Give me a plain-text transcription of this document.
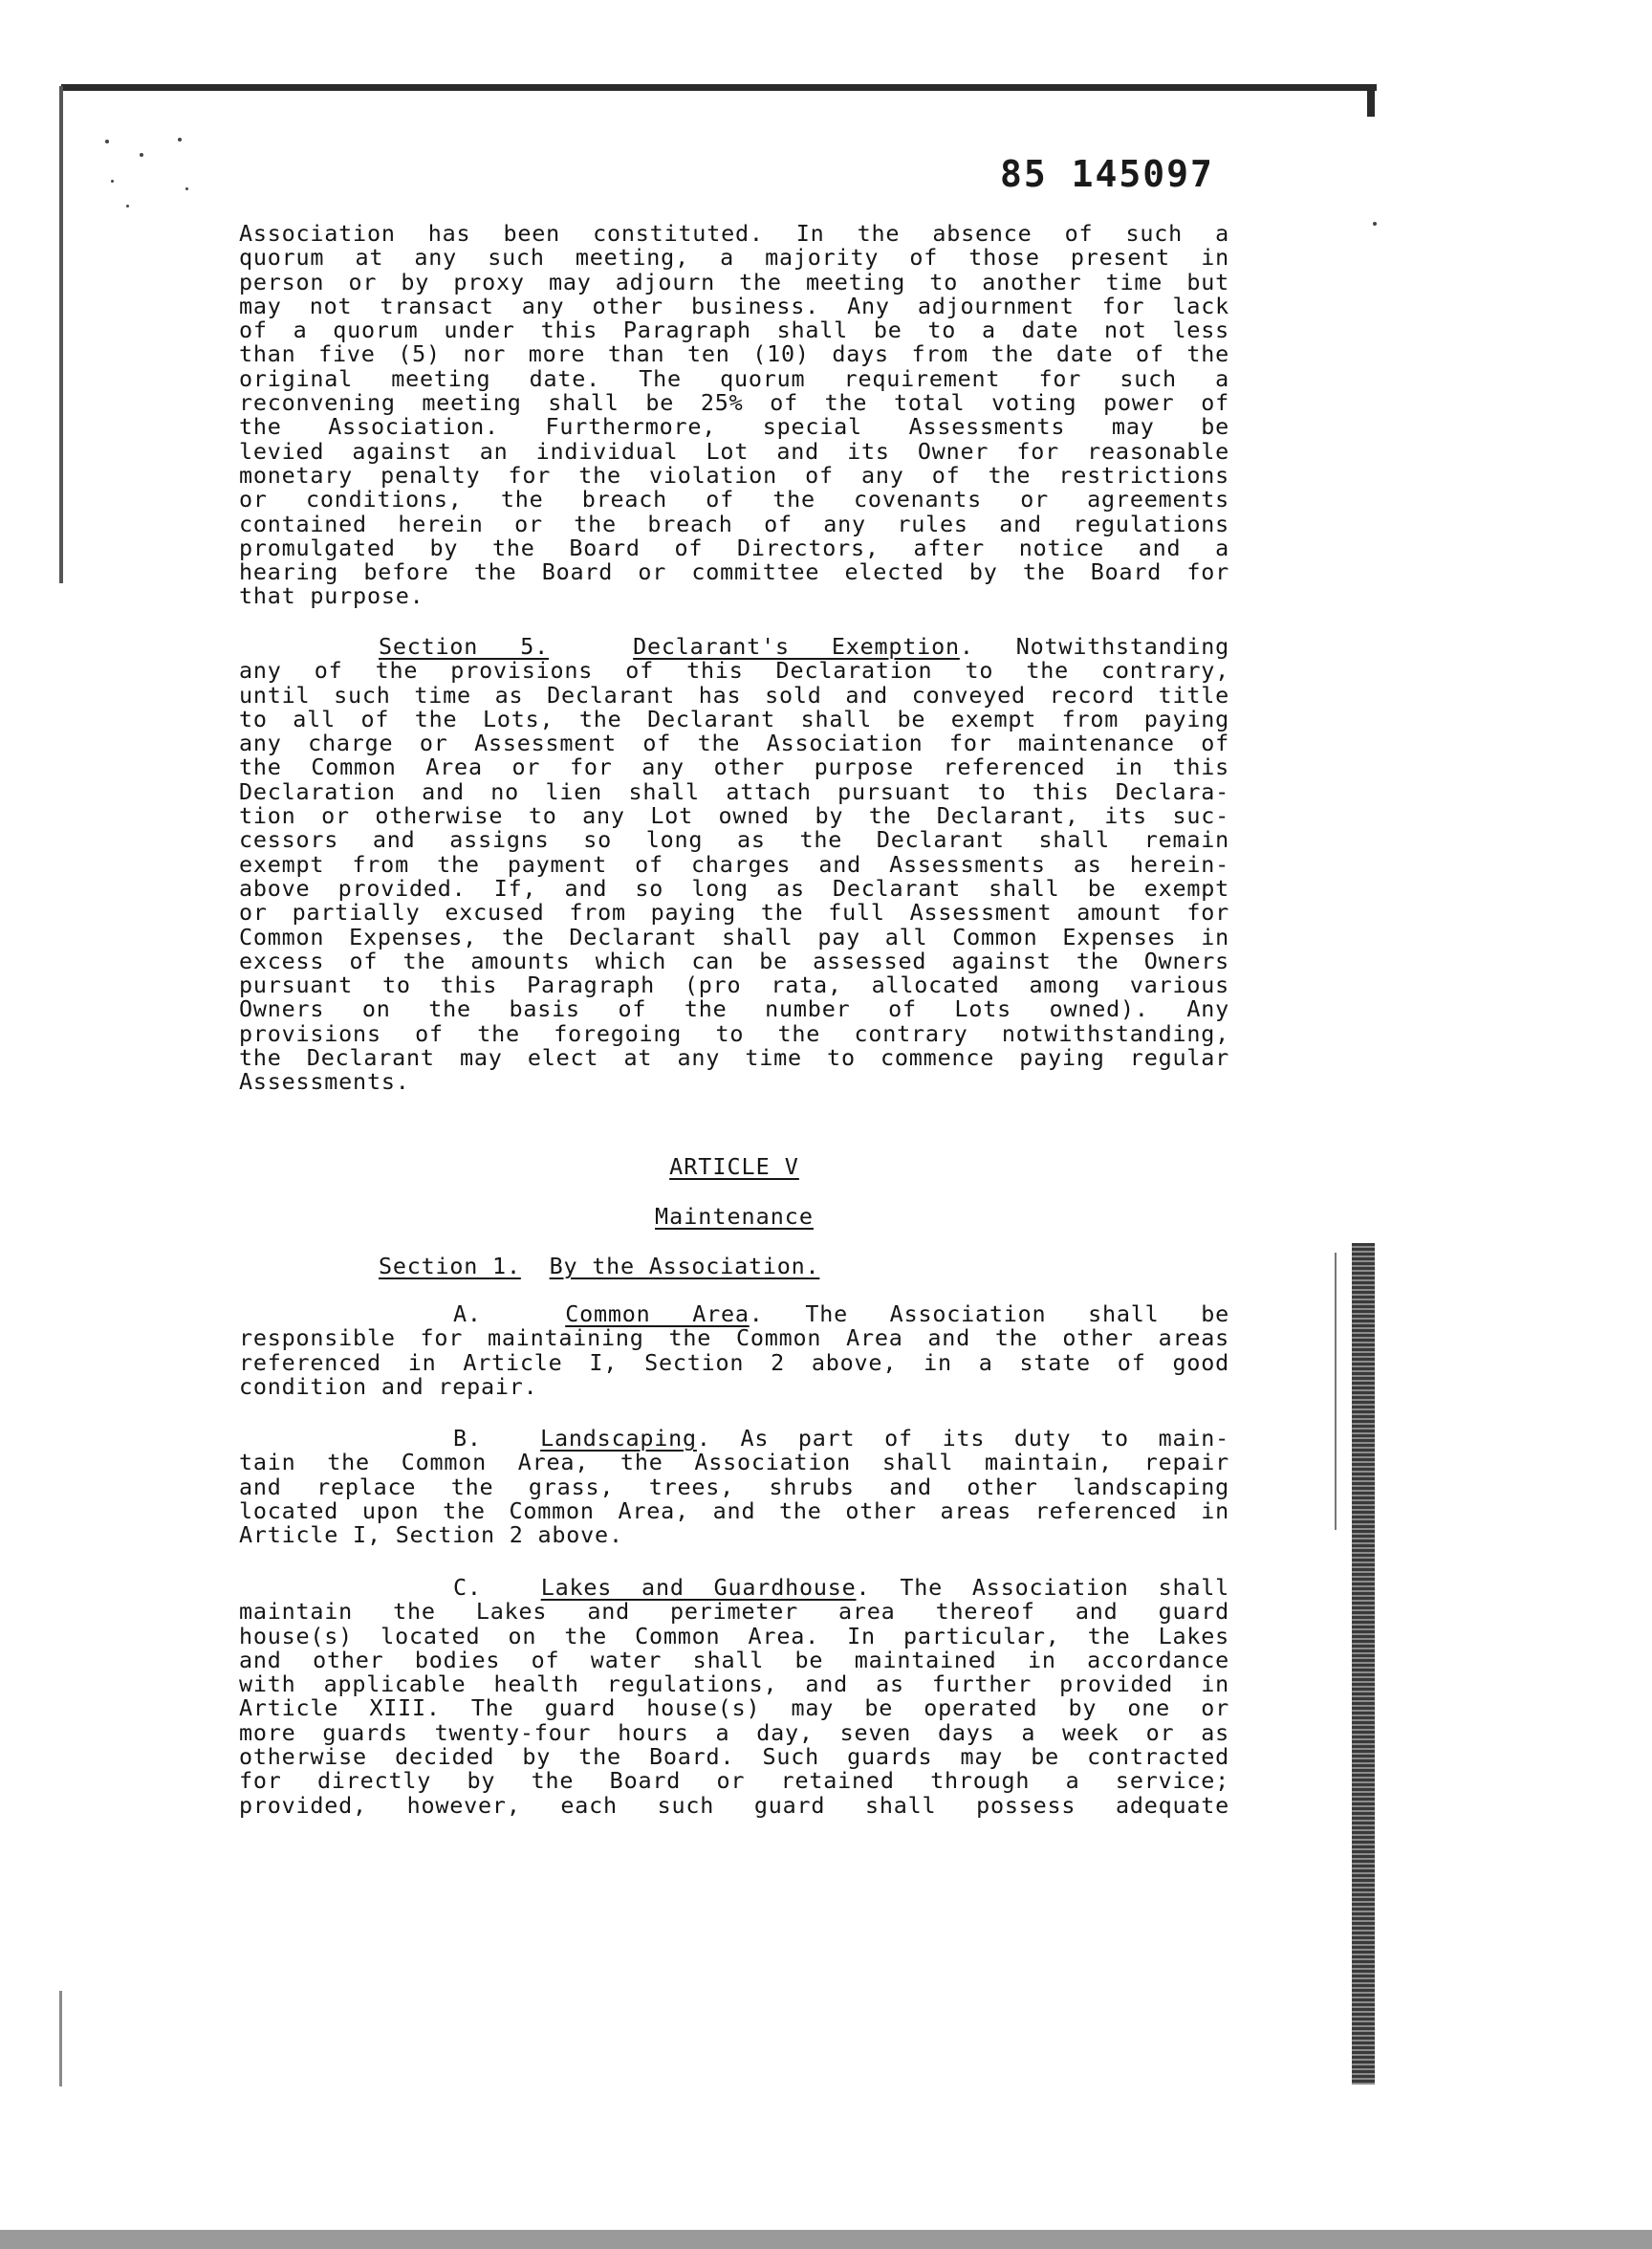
85 145097
Association has been constituted. In the absence of such a
quorum at any such meeting, a majority of those present in
person or by proxy may adjourn the meeting to another time but
may not transact any other business. Any adjournment for lack
of a quorum under this Paragraph shall be to a date not less
than five (5) nor more than ten (10) days from the date of the
original meeting date. The quorum requirement for such a
reconvening meeting shall be 25% of the total voting power of
the Association. Furthermore, special Assessments may be
levied against an individual Lot and its Owner for reasonable
monetary penalty for the violation of any of the restrictions
or conditions, the breach of the covenants or agreements
contained herein or the breach of any rules and regulations
promulgated by the Board of Directors, after notice and a
hearing before the Board or committee elected by the Board for
that purpose.
Section 5.	Declarant's Exemption. Notwithstanding
any of the provisions of this Declaration to the contrary,
until such time as Declarant has sold and conveyed record title
to all of the Lots, the Declarant shall be exempt from paying
any charge or Assessment of the Association for maintenance of
the Common Area or for any other purpose referenced in this
Declaration and no lien shall attach pursuant to this Declara-
tion or otherwise to any Lot owned by the Declarant, its suc-
cessors and assigns so long as the Declarant shall remain
exempt from the payment of charges and Assessments as herein-
above provided. If, and so long as Declarant shall be exempt
or partially excused from paying the full Assessment amount for
Common Expenses, the Declarant shall pay all Common Expenses in
excess of the amounts which can be assessed against the Owners
pursuant to this Paragraph (pro rata, allocated among various
Owners on the basis of the number of Lots owned). Any
provisions of the foregoing to the contrary notwithstanding,
the Declarant may elect at any time to commence paying regular
Assessments.
ARTICLE V
Maintenance
Section 1. By the Association.
A.	Common Area. The Association shall be
responsible for maintaining the Common Area and the other areas
referenced in Article I, Section 2 above, in a state of good
condition and repair.
B.	Landscaping. As part of its duty to main-
tain the Common Area, the Association shall maintain, repair
and replace the grass, trees, shrubs and other landscaping
located upon the Common Area, and the other areas referenced in
Article I, Section 2 above.
C.	Lakes and Guardhouse. The Association shall
maintain the Lakes and perimeter area thereof and guard
house(s) located on the Common Area. In particular, the Lakes
and other bodies of water shall be maintained in accordance
with applicable health regulations, and as further provided in
Article XIII. The guard house(s) may be operated by one or
more guards twenty-four hours a day, seven days a week or as
otherwise decided by the Board. Such guards may be contracted
for directly by the Board or retained through a service;
provided, however, each such guard shall possess adequate
